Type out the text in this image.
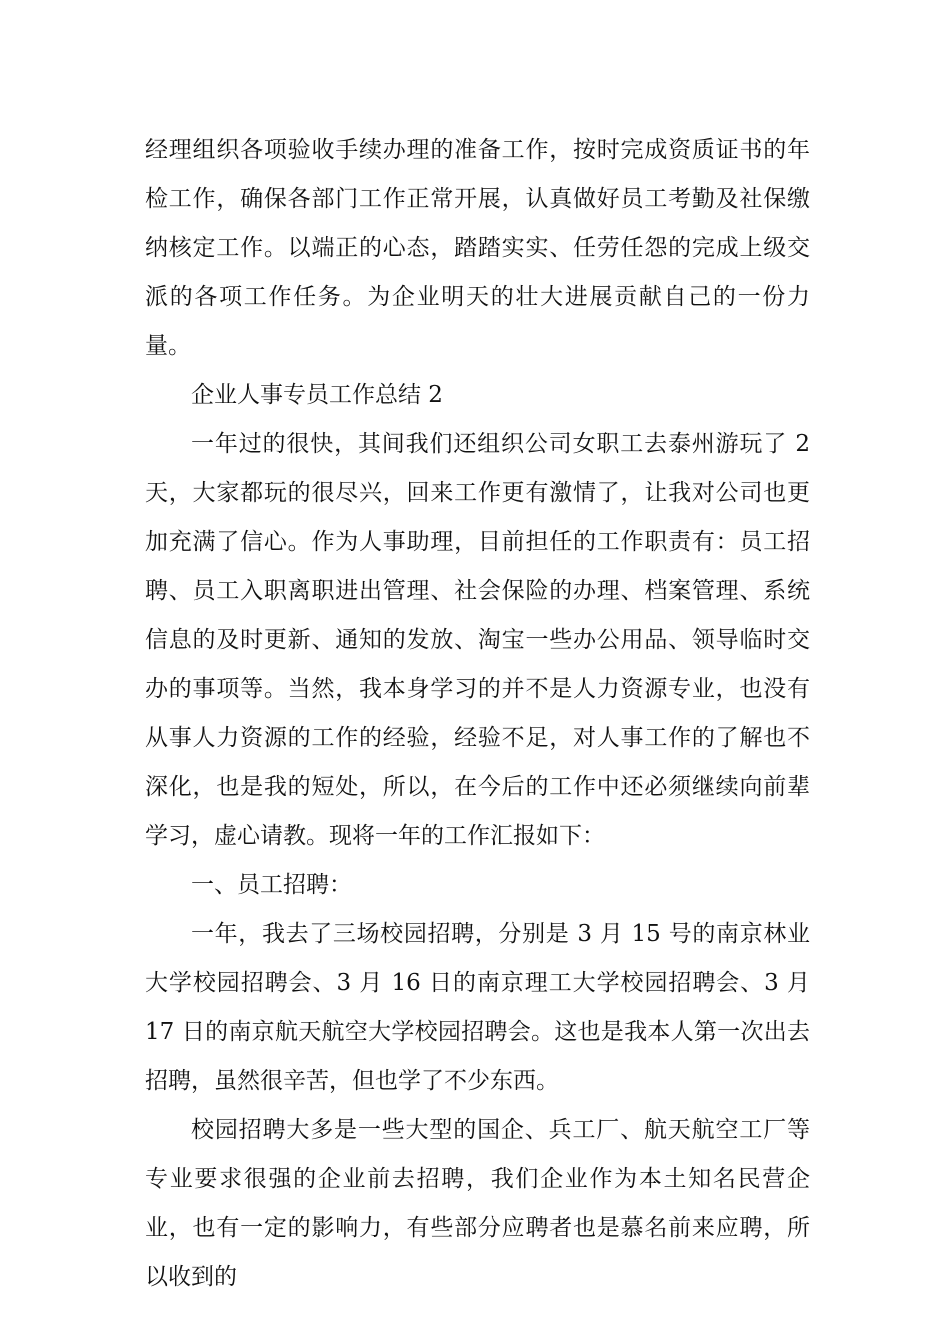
经理组织各项验收手续办理的准备工作，按时完成资质证书的年检工作，确保各部门工作正常开展，认真做好员工考勤及社保缴纳核定工作。以端正的心态，踏踏实实、任劳任怨的完成上级交派的各项工作任务。为企业明天的壮大进展贡献自己的一份力量。

企业人事专员工作总结 2

一年过的很快，其间我们还组织公司女职工去泰州游玩了 2 天，大家都玩的很尽兴，回来工作更有激情了，让我对公司也更加充满了信心。作为人事助理，目前担任的工作职责有：员工招聘、员工入职离职进出管理、社会保险的办理、档案管理、系统信息的及时更新、通知的发放、淘宝一些办公用品、领导临时交办的事项等。当然，我本身学习的并不是人力资源专业，也没有从事人力资源的工作的经验，经验不足，对人事工作的了解也不深化，也是我的短处，所以，在今后的工作中还必须继续向前辈学习，虚心请教。现将一年的工作汇报如下：

一、员工招聘：

一年，我去了三场校园招聘，分别是 3 月 15 号的南京林业大学校园招聘会、3 月 16 日的南京理工大学校园招聘会、3 月 17 日的南京航天航空大学校园招聘会。这也是我本人第一次出去招聘，虽然很辛苦，但也学了不少东西。

校园招聘大多是一些大型的国企、兵工厂、航天航空工厂等专业要求很强的企业前去招聘，我们企业作为本土知名民营企业，也有一定的影响力，有些部分应聘者也是慕名前来应聘，所以收到的
